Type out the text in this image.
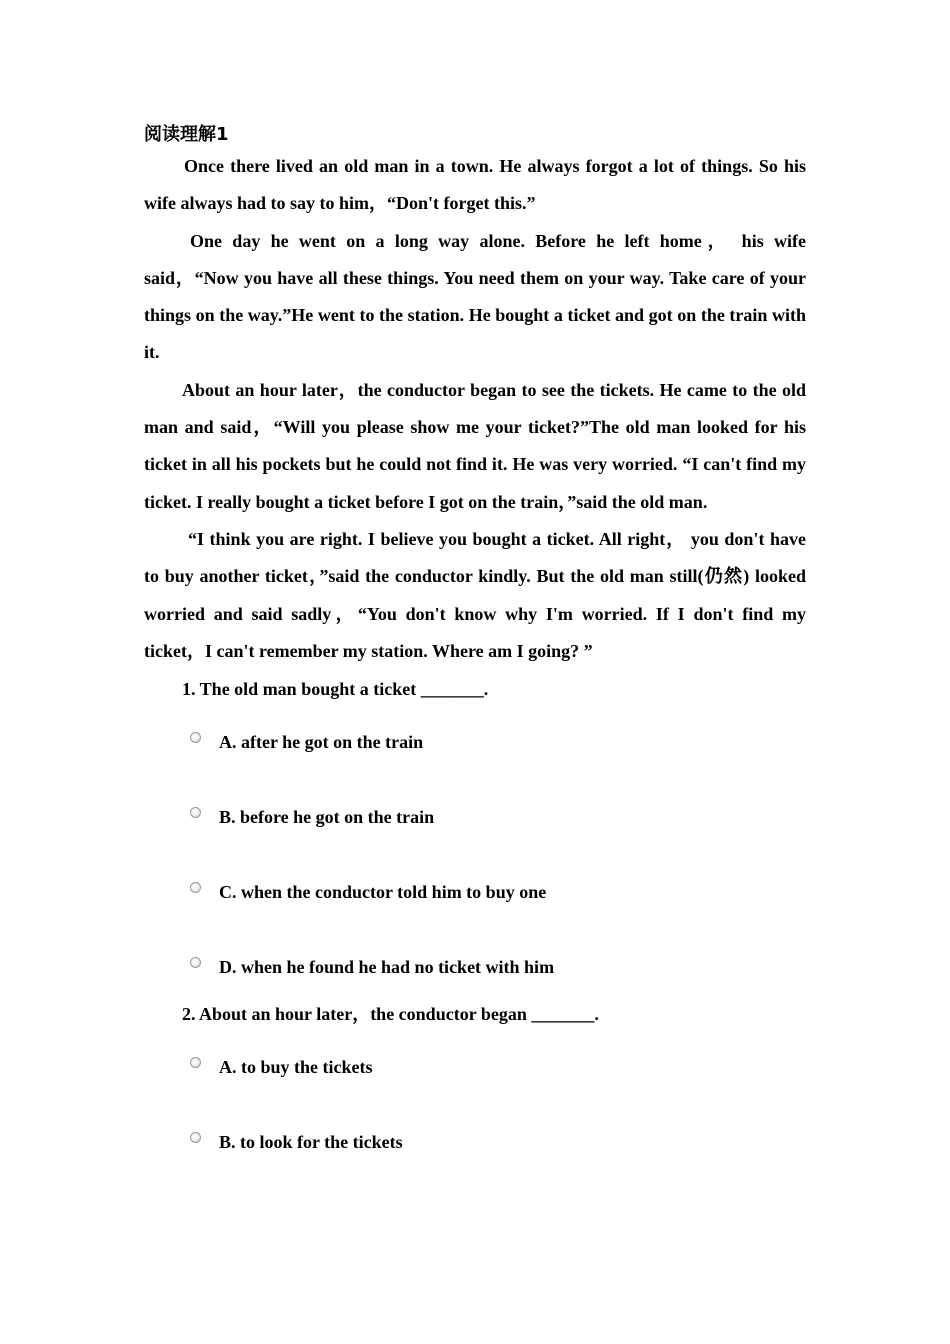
阅读理解1

Once there lived an old man in a town. He always forgot a lot of things. So his wife always had to say to him，“Don't forget this.”

One day he went on a long way alone. Before he left home， his wife said，“Now you have all these things. You need them on your way. Take care of your things on the way.”He went to the station. He bought a ticket and got on the train with it.

About an hour later，the conductor began to see the tickets. He came to the old man and said，“Will you please show me your ticket?”The old man looked for his ticket in all his pockets but he could not find it. He was very worried. “I can't find my ticket. I really bought a ticket before I got on the train，”said the old man.

“I think you are right. I believe you bought a ticket. All right， you don't have to buy another ticket，”said the conductor kindly. But the old man still(仍然) looked worried and said sadly，“You don't know why I'm worried. If I don't find my ticket，I can't remember my station. Where am I going? ”

1. The old man bought a ticket _______.

A. after he got on the train
B. before he got on the train
C. when the conductor told him to buy one
D. when he found he had no ticket with him

2. About an hour later，the conductor began _______.

A. to buy the tickets
B. to look for the tickets
